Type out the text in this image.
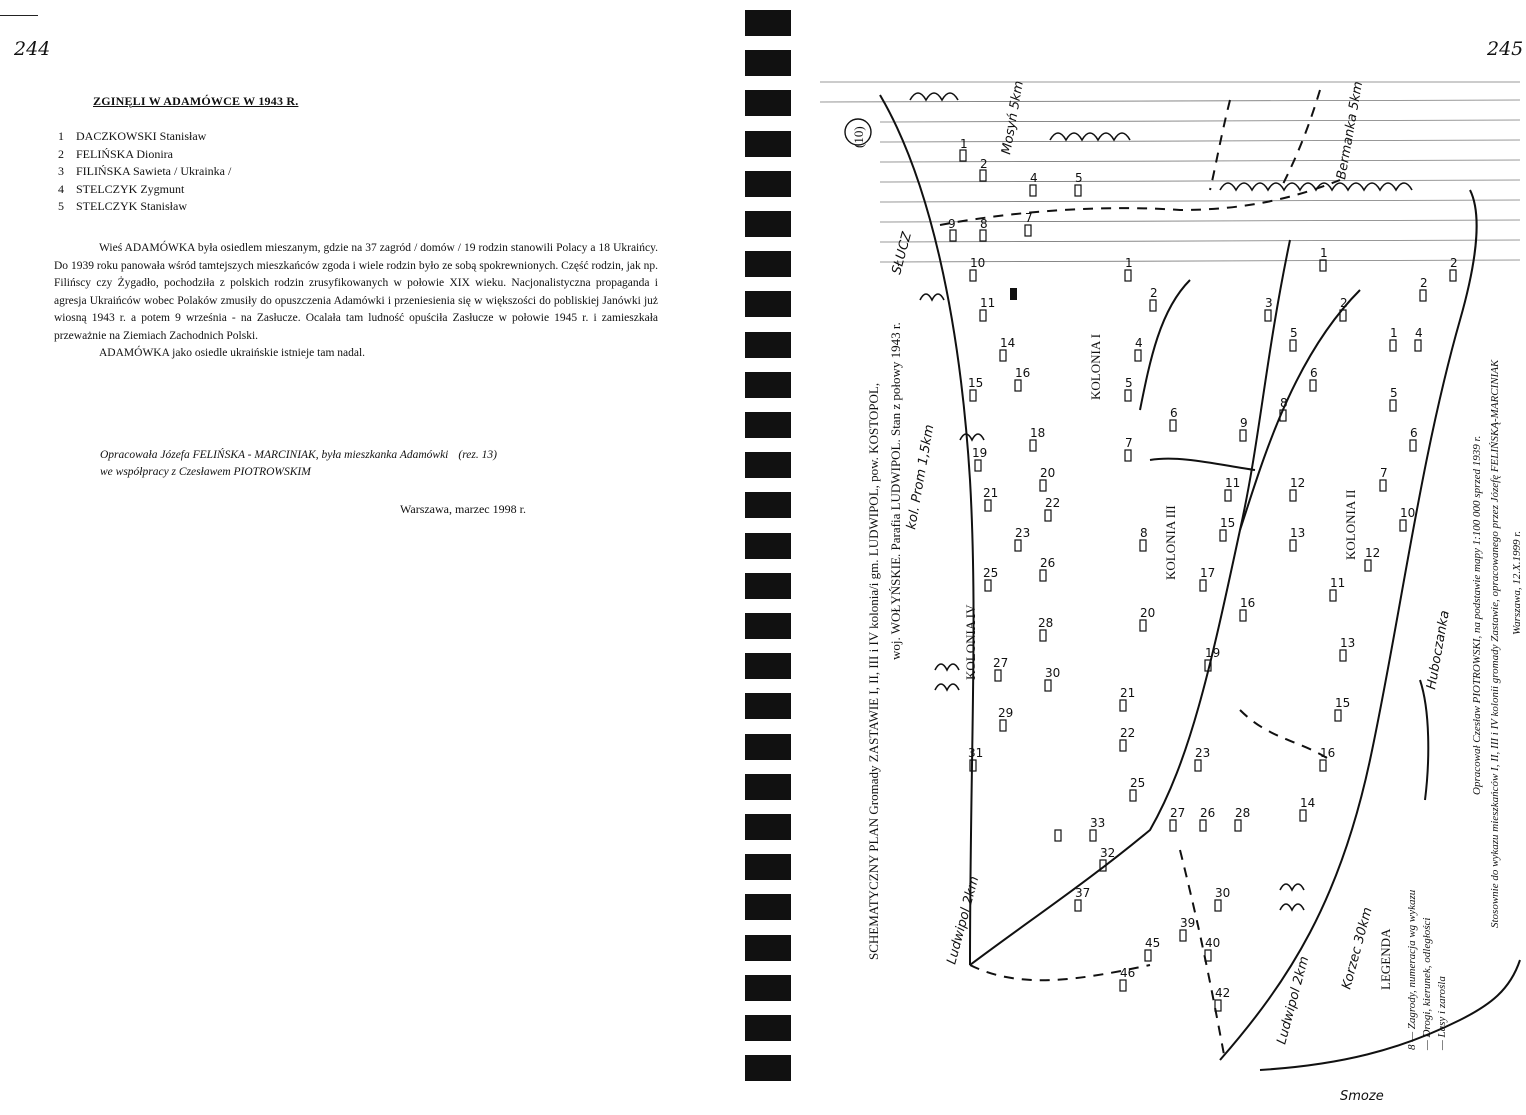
244	245
ZGINĘLI W ADAMÓWCE W 1943 R.
1 DACZKOWSKI Stanisław
2 FELIŃSKA Dionira
3 FILIŃSKA Sawieta / Ukrainka /
4 STELCZYK Zygmunt
5 STELCZYK Stanisław

Wieś ADAMÓWKA była osiedlem mieszanym, gdzie na 37 zagród / domów / 19 rodzin stanowili Polacy a 18 Ukraińcy. Do 1939 roku panowała wśród tamtejszych mieszkańców zgoda i wiele rodzin było ze sobą spokrewnionych. Część rodzin, jak np. Filińscy czy Żygadło, pochodziła z polskich rodzin zrusyfikowanych w połowie XIX wieku. Nacjonalistyczna propaganda i agresja Ukraińców wobec Polaków zmusiły do opuszczenia Adamówki i przeniesienia się w większości do pobliskiej Janówki już wiosną 1943 r. a potem 9 września - na Zasłucze. Ocalała tam ludność opuściła Zasłucze w połowie 1945 r. i zamieszkała przeważnie na Ziemiach Zachodnich Polski.

ADAMÓWKA jako osiedle ukraińskie istnieje tam nadal.

Opracowała Józefa FELIŃSKA - MARCINIAK, była mieszkanka Adamówki (rez. 13)
we współpracy z Czesławem PIOTROWSKIM
Warszawa, marzec 1998 r.
1
2
4	5
9 8	7
10
11
14
16
15
19
18
20
21
23
22
25
26
28
27
30
29
31
1
2
4
5
6
7
9
11
15
17
16
19
3
5
6
8
12
13
1
2
1
2
2
4
5
6
7
10
11
12
13
15
16
14
8
20
21
22
25
27
23
26 28
30
39
40
42
46
45
37
33
32
KOLONIA I
KOLONIA II
KOLONIA III
KOLONIA IV
SŁUCZ
Bermanka 5km
Mosyń 5km
Ludwipol 2km
Ludwipol 2km
Korzec 30km
Huboczanka
kol. Prom 1,5km
Smoze
(10)
SCHEMATYCZNY PLAN Gromady ZASTAWIE I, II, III i IV kolonia/i gm. LUDWIPOL, pow. KOSTOPOL, woj. WOŁYŃSKIE. Parafia LUDWIPOL. Stan z połowy 1943 r.	Opracował Czesław PIOTROWSKI, na podstawie mapy 1:100 000 sprzed 1939 r. Stosownie do wykazu mieszkańców I, II, III i IV kolonii gromady Zastawie, opracowanego przez Józefę FELIŃSKĄ-MARCINIAK Warszawa, 12.X.1999 r.
LEGENDA 8 — Zagrody, numeracja wg wykazu — Drogi, kierunek, odległości — Lasy i zarośla
